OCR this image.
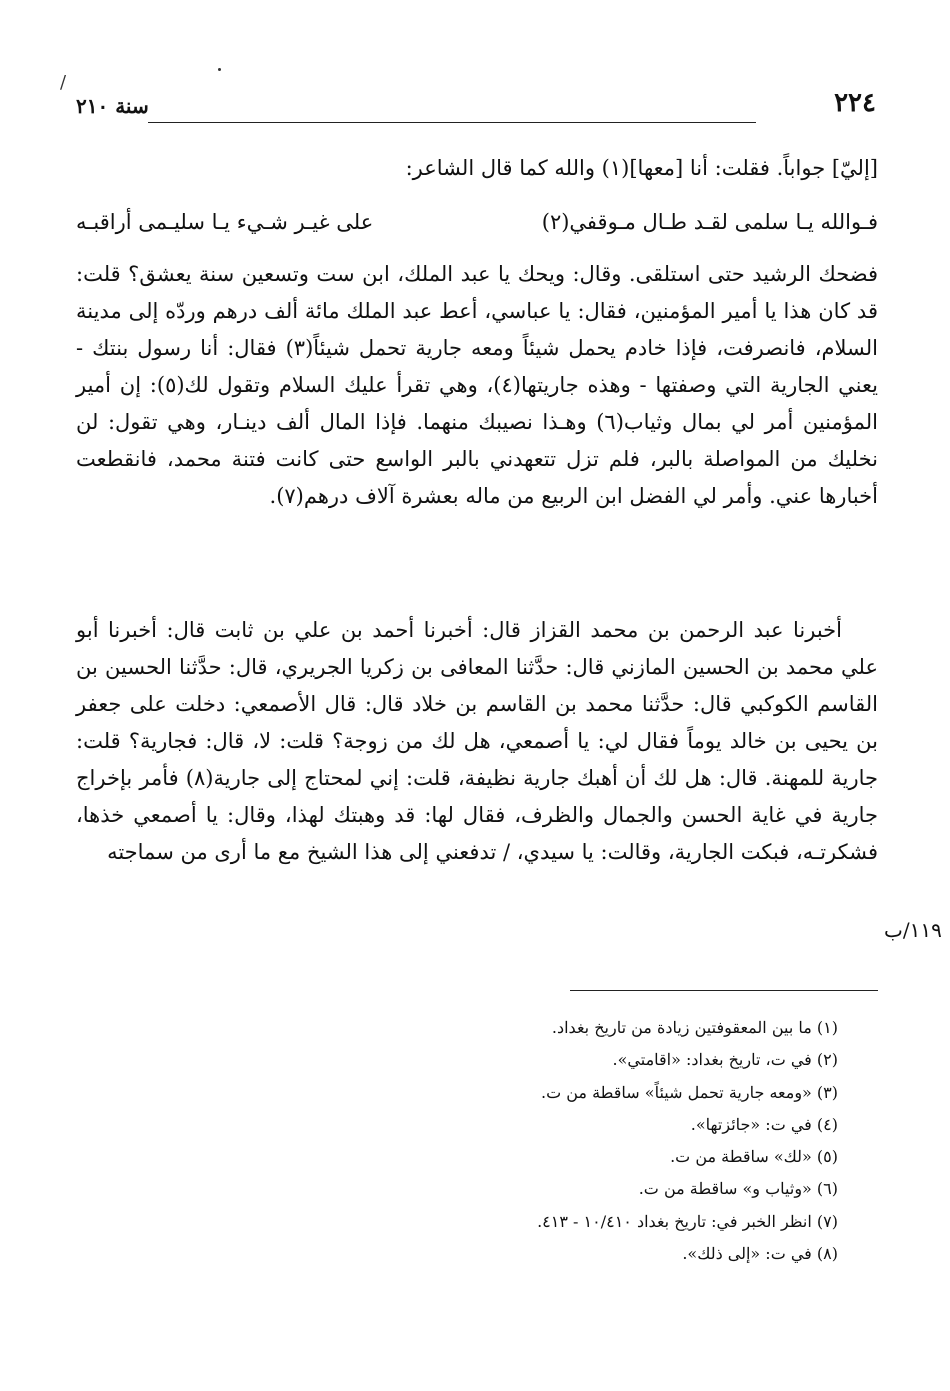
/
٢٢٤
سنة ٢١٠

[إليّ] جواباً. فقلت: أنا [معها](١) والله كما قال الشاعر:

فـوالله يـا سلمى لقـد طـال مـوقفي(٢)
على غيـر شـيء يـا سليـمى أراقبـه

فضحك الرشيد حتى استلقى. وقال: ويحك يا عبد الملك، ابن ست وتسعين سنة يعشق؟ قلت: قد كان هذا يا أمير المؤمنين، فقال: يا عباسي، أعط عبد الملك مائة ألف درهم وردّه إلى مدينة السلام، فانصرفت، فإذا خادم يحمل شيئاً ومعه جارية تحمل شيئاً(٣) فقال: أنا رسول بنتك - يعني الجارية التي وصفتها - وهذه جاريتها(٤)، وهي تقرأ عليك السلام وتقول لك(٥): إن أمير المؤمنين أمر لي بمال وثياب(٦) وهـذا نصيبك منهما. فإذا المال ألف دينـار، وهي تقول: لن نخليك من المواصلة بالبر، فلم تزل تتعهدني بالبر الواسع حتى كانت فتنة محمد، فانقطعت أخبارها عني. وأمر لي الفضل ابن الربيع من ماله بعشرة آلاف درهم(٧).

أخبرنا عبد الرحمن بن محمد القزاز قال: أخبرنا أحمد بن علي بن ثابت قال: أخبرنا أبو علي محمد بن الحسين المازني قال: حدَّثنا المعافى بن زكريا الجريري، قال: حدَّثنا الحسين بن القاسم الكوكبي قال: حدَّثنا محمد بن القاسم بن خلاد قال: قال الأصمعي: دخلت على جعفر بن يحيى بن خالد يوماً فقال لي: يا أصمعي، هل لك من زوجة؟ قلت: لا، قال: فجارية؟ قلت: جارية للمهنة. قال: هل لك أن أهبك جارية نظيفة، قلت: إني لمحتاج إلى جارية(٨) فأمر بإخراج جارية في غاية الحسن والجمال والظرف، فقال لها: قد وهبتك لهذا، وقال: يا أصمعي خذها، فشكرتـه، فبكت الجارية، وقالت: يا سيدي، / تدفعني إلى هذا الشيخ مع ما أرى من سماجته

١١٩/ب

(١) ما بين المعقوفتين زيادة من تاريخ بغداد.

(٢) في ت، تاريخ بغداد: «اقامتي».

(٣) «ومعه جارية تحمل شيئاً» ساقطة من ت.

(٤) في ت: «جائزتها».

(٥) «لك» ساقطة من ت.

(٦) «وثياب و» ساقطة من ت.

(٧) انظر الخبر في: تاريخ بغداد ١٠/٤١٠ - ٤١٣.

(٨) في ت: «إلى ذلك».
